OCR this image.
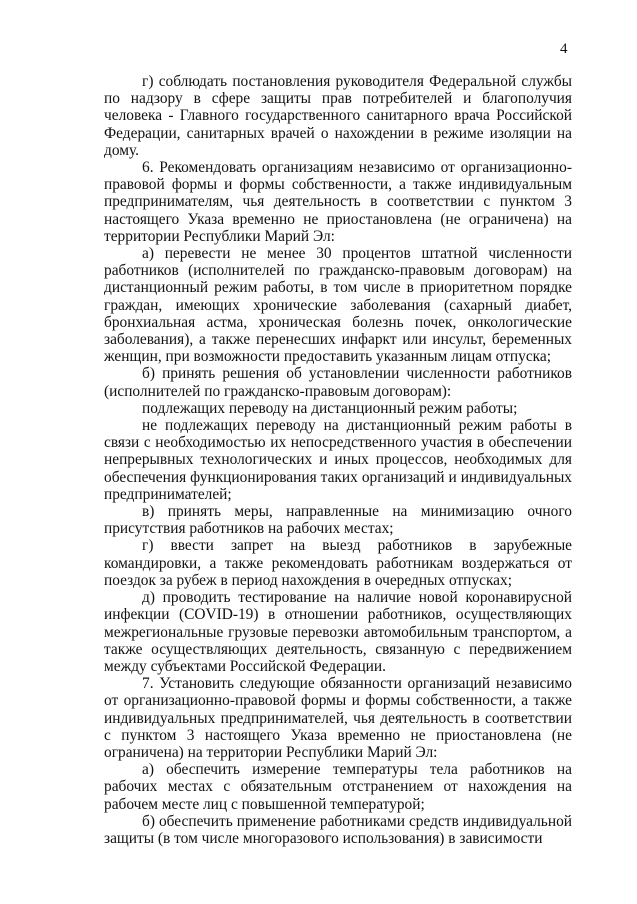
4

г) соблюдать постановления руководителя Федеральной службы по надзору в сфере защиты прав потребителей и благополучия человека - Главного государственного санитарного врача Российской Федерации, санитарных врачей о нахождении в режиме изоляции на дому.

6. Рекомендовать организациям независимо от организационно-правовой формы и формы собственности, а также индивидуальным предпринимателям, чья деятельность в соответствии с пунктом 3 настоящего Указа временно не приостановлена (не ограничена) на территории Республики Марий Эл:

а) перевести не менее 30 процентов штатной численности работников (исполнителей по гражданско-правовым договорам) на дистанционный режим работы, в том числе в приоритетном порядке граждан, имеющих хронические заболевания (сахарный диабет, бронхиальная астма, хроническая болезнь почек, онкологические заболевания), а также перенесших инфаркт или инсульт, беременных женщин, при возможности предоставить указанным лицам отпуска;

б) принять решения об установлении численности работников (исполнителей по гражданско-правовым договорам):

подлежащих переводу на дистанционный режим работы;

не подлежащих переводу на дистанционный режим работы в связи с необходимостью их непосредственного участия в обеспечении непрерывных технологических и иных процессов, необходимых для обеспечения функционирования таких организаций и индивидуальных предпринимателей;

в) принять меры, направленные на минимизацию очного присутствия работников на рабочих местах;

г) ввести запрет на выезд работников в зарубежные командировки, а также рекомендовать работникам воздержаться от поездок за рубеж в период нахождения в очередных отпусках;

д) проводить тестирование на наличие новой коронавирусной инфекции (COVID-19) в отношении работников, осуществляющих межрегиональные грузовые перевозки автомобильным транспортом, а также осуществляющих деятельность, связанную с передвижением между субъектами Российской Федерации.

7. Установить следующие обязанности организаций независимо от организационно-правовой формы и формы собственности, а также индивидуальных предпринимателей, чья деятельность в соответствии с пунктом 3 настоящего Указа временно не приостановлена (не ограничена) на территории Республики Марий Эл:

а) обеспечить измерение температуры тела работников на рабочих местах с обязательным отстранением от нахождения на рабочем месте лиц с повышенной температурой;

б) обеспечить применение работниками средств индивидуальной защиты (в том числе многоразового использования) в зависимости
